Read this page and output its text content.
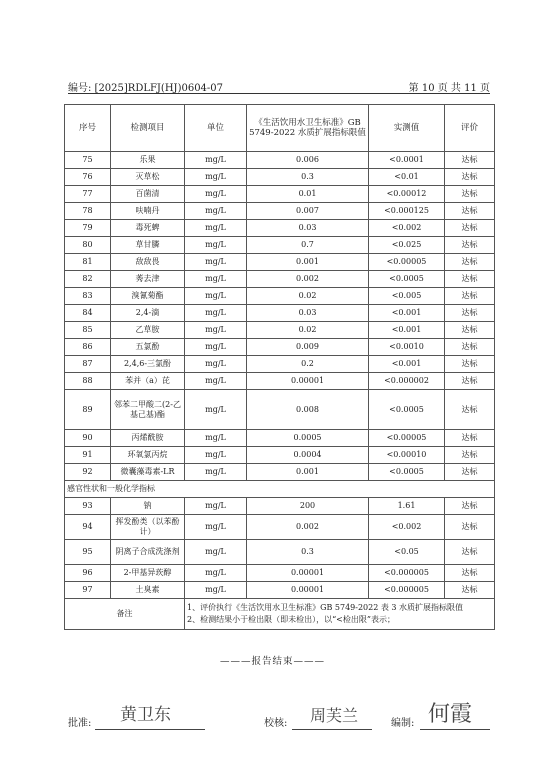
编号: [2025]RDLFJ(HJ)0604-07	第 10 页 共 11 页
序号	检测项目	单位	《生活饮用水卫生标准》GB 5749-2022 水质扩展指标限值	实测值	评价
75	乐果	mg/L	0.006	<0.0001	达标
76	灭草松	mg/L	0.3	<0.01	达标
77	百菌清	mg/L	0.01	<0.00012	达标
78	呋喃丹	mg/L	0.007	<0.000125	达标
79	毒死蜱	mg/L	0.03	<0.002	达标
80	草甘膦	mg/L	0.7	<0.025	达标
81	敌敌畏	mg/L	0.001	<0.00005	达标
82	莠去津	mg/L	0.002	<0.0005	达标
83	溴氰菊酯	mg/L	0.02	<0.005	达标
84	2,4-滴	mg/L	0.03	<0.001	达标
85	乙草胺	mg/L	0.02	<0.001	达标
86	五氯酚	mg/L	0.009	<0.0010	达标
87	2,4,6-三氯酚	mg/L	0.2	<0.001	达标
88	苯并（a）芘	mg/L	0.00001	<0.000002	达标
89	邻苯二甲酸二(2-乙 基己基)酯	mg/L	0.008	<0.0005	达标
90	丙烯酰胺	mg/L	0.0005	<0.00005	达标
91	环氧氯丙烷	mg/L	0.0004	<0.00010	达标
92	微囊藻毒素-LR	mg/L	0.001	<0.0005	达标
感官性状和一般化学指标					
93	钠	mg/L	200	1.61	达标
94	挥发酚类（以苯酚计）	mg/L	0.002	<0.002	达标
95	阴离子合成洗涤剂	mg/L	0.3	<0.05	达标
96	2-甲基异莰醇	mg/L	0.00001	<0.000005	达标
97	土臭素	mg/L	0.00001	<0.000005	达标
备注		1、评价执行《生活饮用水卫生标准》GB 5749-2022 表 3 水质扩展指标限值
2、检测结果小于检出限（即未检出），以“<检出限”表示；			
———报告结束———
批准: 黄卫东	校核: 周芙兰	编制: 何霞
